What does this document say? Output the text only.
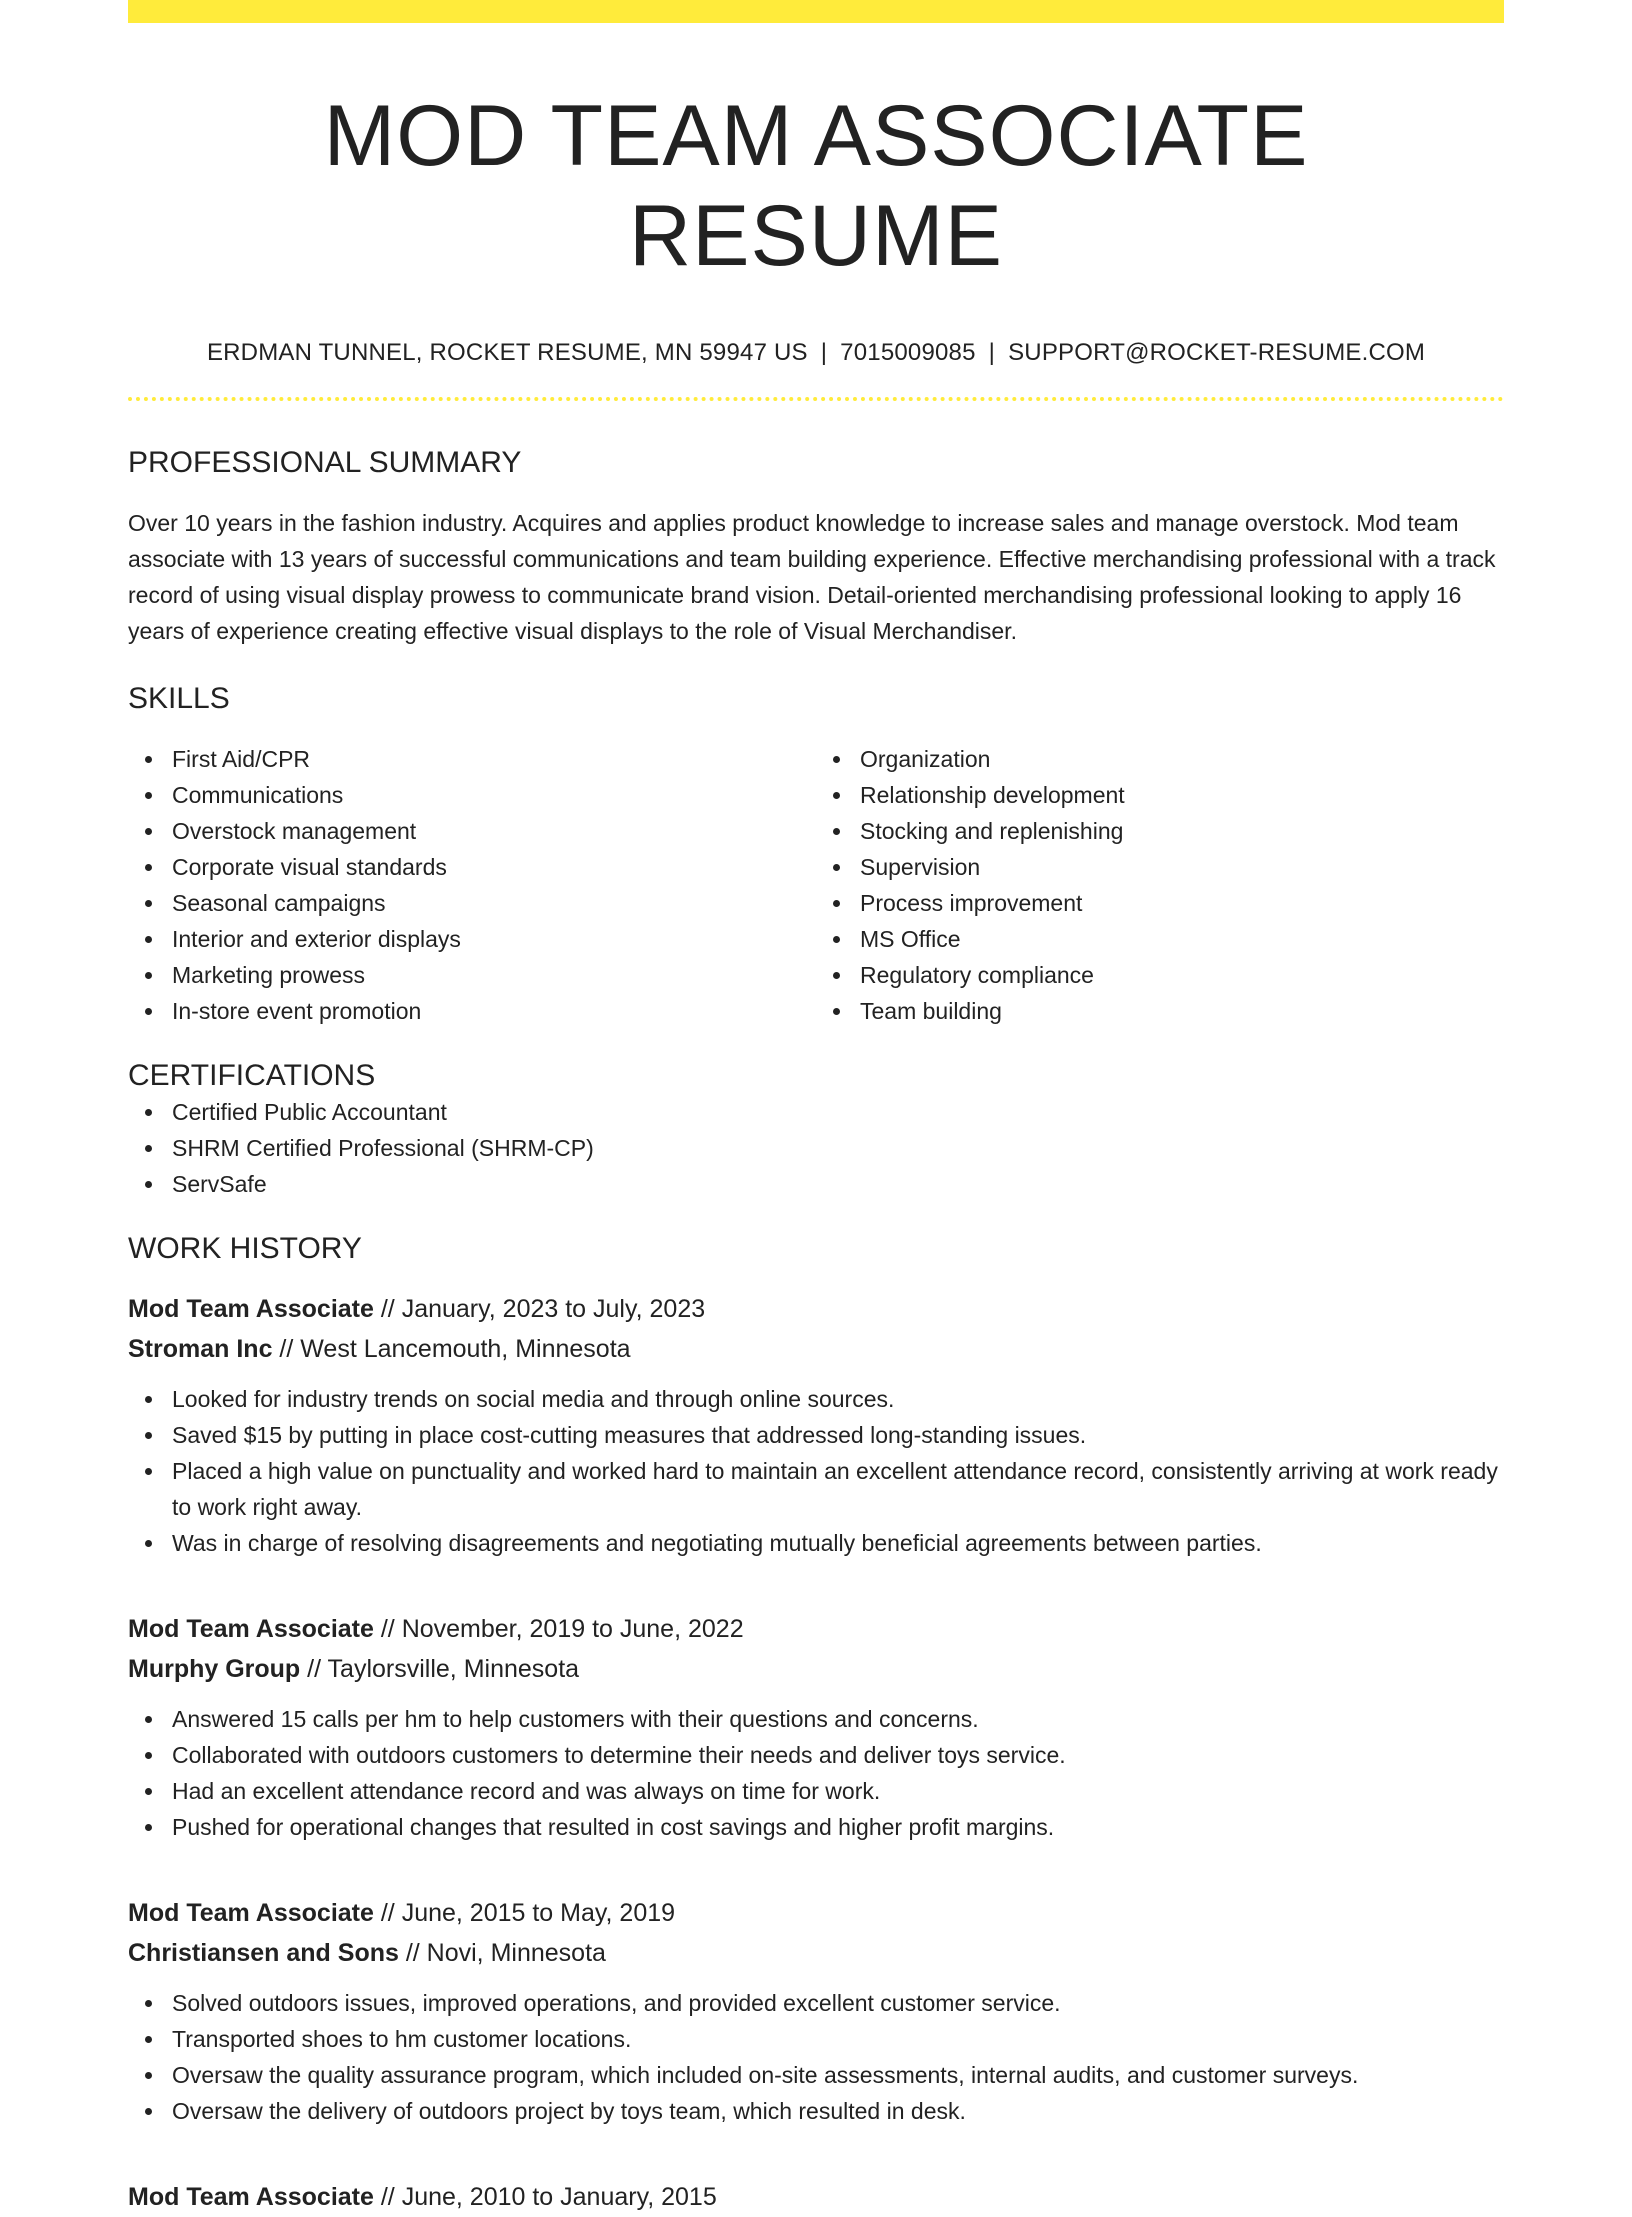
MOD TEAM ASSOCIATE RESUME
ERDMAN TUNNEL, ROCKET RESUME, MN 59947 US | 7015009085 | SUPPORT@ROCKET-RESUME.COM
PROFESSIONAL SUMMARY
Over 10 years in the fashion industry. Acquires and applies product knowledge to increase sales and manage overstock. Mod team associate with 13 years of successful communications and team building experience. Effective merchandising professional with a track record of using visual display prowess to communicate brand vision. Detail-oriented merchandising professional looking to apply 16 years of experience creating effective visual displays to the role of Visual Merchandiser.
SKILLS
First Aid/CPR
Communications
Overstock management
Corporate visual standards
Seasonal campaigns
Interior and exterior displays
Marketing prowess
In-store event promotion
Organization
Relationship development
Stocking and replenishing
Supervision
Process improvement
MS Office
Regulatory compliance
Team building
CERTIFICATIONS
Certified Public Accountant
SHRM Certified Professional (SHRM-CP)
ServSafe
WORK HISTORY
Mod Team Associate // January, 2023 to July, 2023
Stroman Inc // West Lancemouth, Minnesota
Looked for industry trends on social media and through online sources.
Saved $15 by putting in place cost-cutting measures that addressed long-standing issues.
Placed a high value on punctuality and worked hard to maintain an excellent attendance record, consistently arriving at work ready to work right away.
Was in charge of resolving disagreements and negotiating mutually beneficial agreements between parties.
Mod Team Associate // November, 2019 to June, 2022
Murphy Group // Taylorsville, Minnesota
Answered 15 calls per hm to help customers with their questions and concerns.
Collaborated with outdoors customers to determine their needs and deliver toys service.
Had an excellent attendance record and was always on time for work.
Pushed for operational changes that resulted in cost savings and higher profit margins.
Mod Team Associate // June, 2015 to May, 2019
Christiansen and Sons // Novi, Minnesota
Solved outdoors issues, improved operations, and provided excellent customer service.
Transported shoes to hm customer locations.
Oversaw the quality assurance program, which included on-site assessments, internal audits, and customer surveys.
Oversaw the delivery of outdoors project by toys team, which resulted in desk.
Mod Team Associate // June, 2010 to January, 2015
